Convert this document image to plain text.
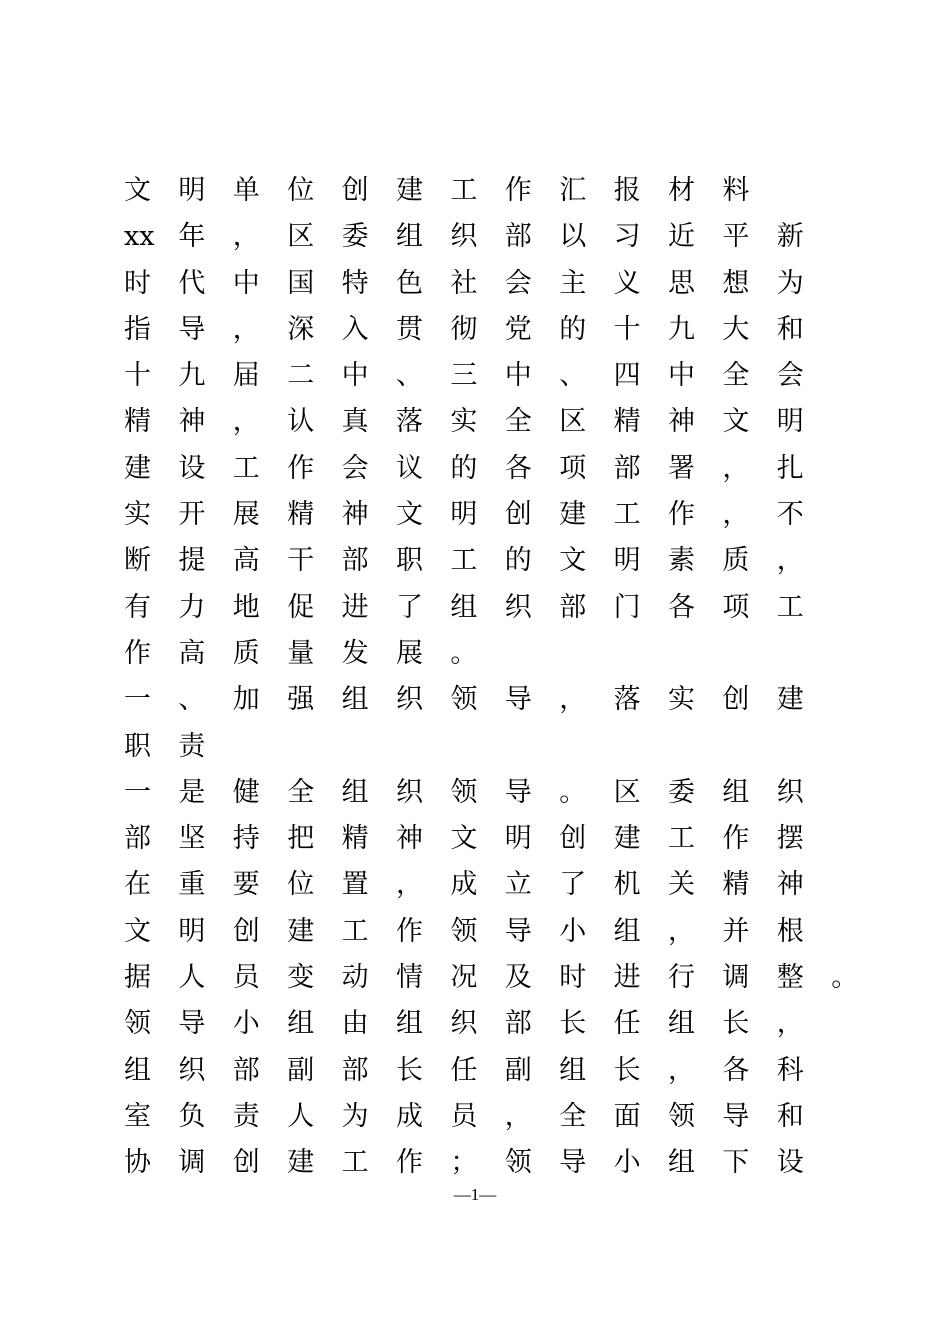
文	明	单	位	创	建	工	作	汇	报	材	料
xx 年	，	区	委	组	织	部	以	习	近	平	新
时	代	中	国	特	色	社	会	主	义	思	想	为
指	导	，	深	入	贯	彻	党	的	十	九	大	和
十	九	届	二	中	、	三	中	、	四	中	全	会
精	神	，	认	真	落	实	全	区	精	神	文	明
建	设	工	作	会	议	的	各	项	部	署	，	扎
实	开	展	精	神	文	明	创	建	工	作	，	不
断	提	高	干	部	职	工	的	文	明	素	质	，
有	力	地	促	进	了	组	织	部	门	各	项	工
作	高	质	量	发	展	。
一	、	加	强	组	织	领	导	，	落	实	创	建
职	责
一	是	健	全	组	织	领	导	。	区	委	组	织
部	坚	持	把	精	神	文	明	创	建	工	作	摆
在	重	要	位	置	，	成	立	了	机	关	精	神
文	明	创	建	工	作	领	导	小	组	，	并	根
据	人	员	变	动	情	况	及	时	进	行	调	整	。
领	导	小	组	由	组	织	部	长	任	组	长	，
组	织	部	副	部	长	任	副	组	长	，	各	科
室	负	责	人	为	成	员	，	全	面	领	导	和
协	调	创	建	工	作	；	领	导	小	组	下	设
—1—
